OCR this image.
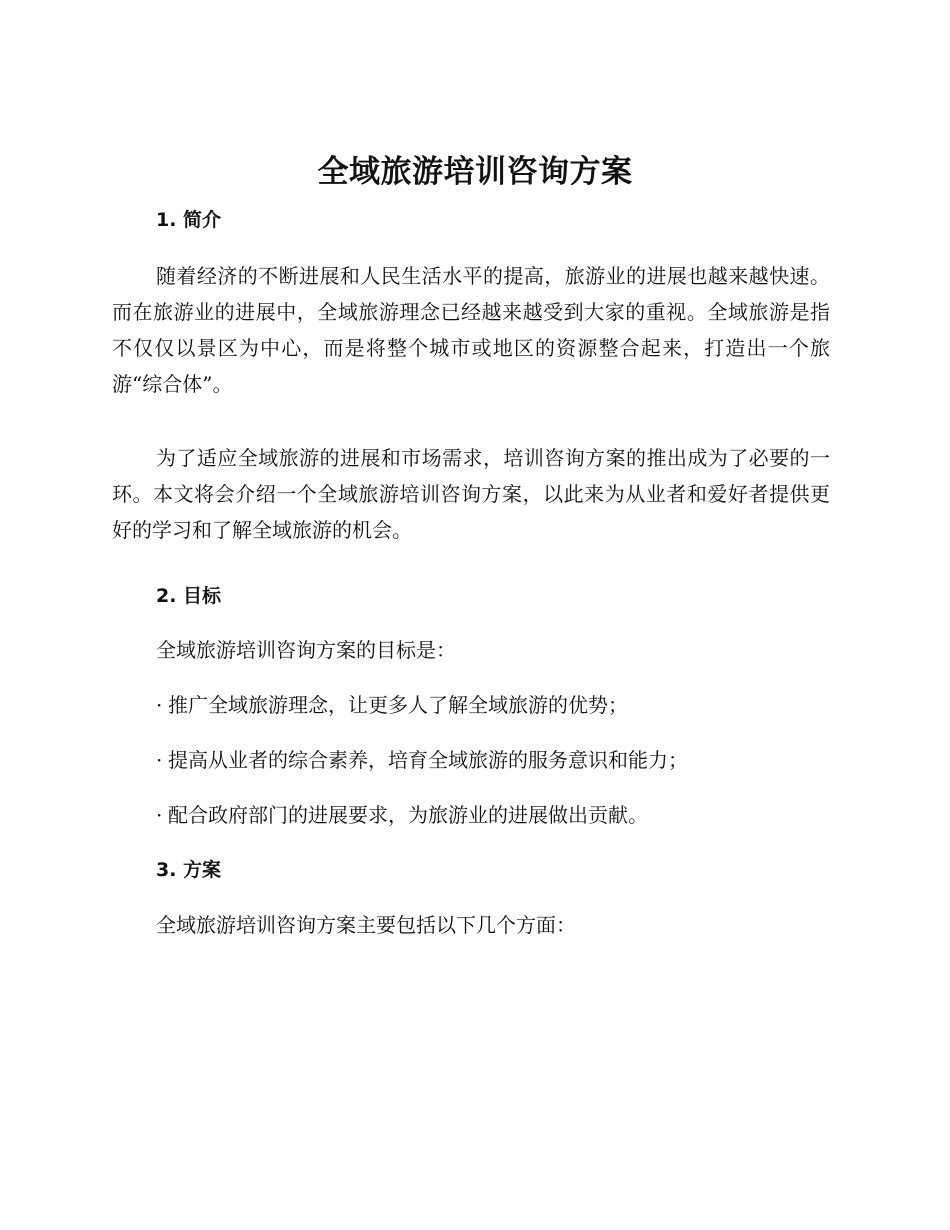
全域旅游培训咨询方案
1. 简介

随着经济的不断进展和人民生活水平的提高，旅游业的进展也越来越快速。而在旅游业的进展中，全域旅游理念已经越来越受到大家的重视。全域旅游是指不仅仅以景区为中心，而是将整个城市或地区的资源整合起来，打造出一个旅游“综合体”。

为了适应全域旅游的进展和市场需求，培训咨询方案的推出成为了必要的一环。本文将会介绍一个全域旅游培训咨询方案，以此来为从业者和爱好者提供更好的学习和了解全域旅游的机会。

2. 目标

全域旅游培训咨询方案的目标是：

· 推广全域旅游理念，让更多人了解全域旅游的优势；

· 提高从业者的综合素养，培育全域旅游的服务意识和能力；

· 配合政府部门的进展要求，为旅游业的进展做出贡献。

3. 方案

全域旅游培训咨询方案主要包括以下几个方面：
